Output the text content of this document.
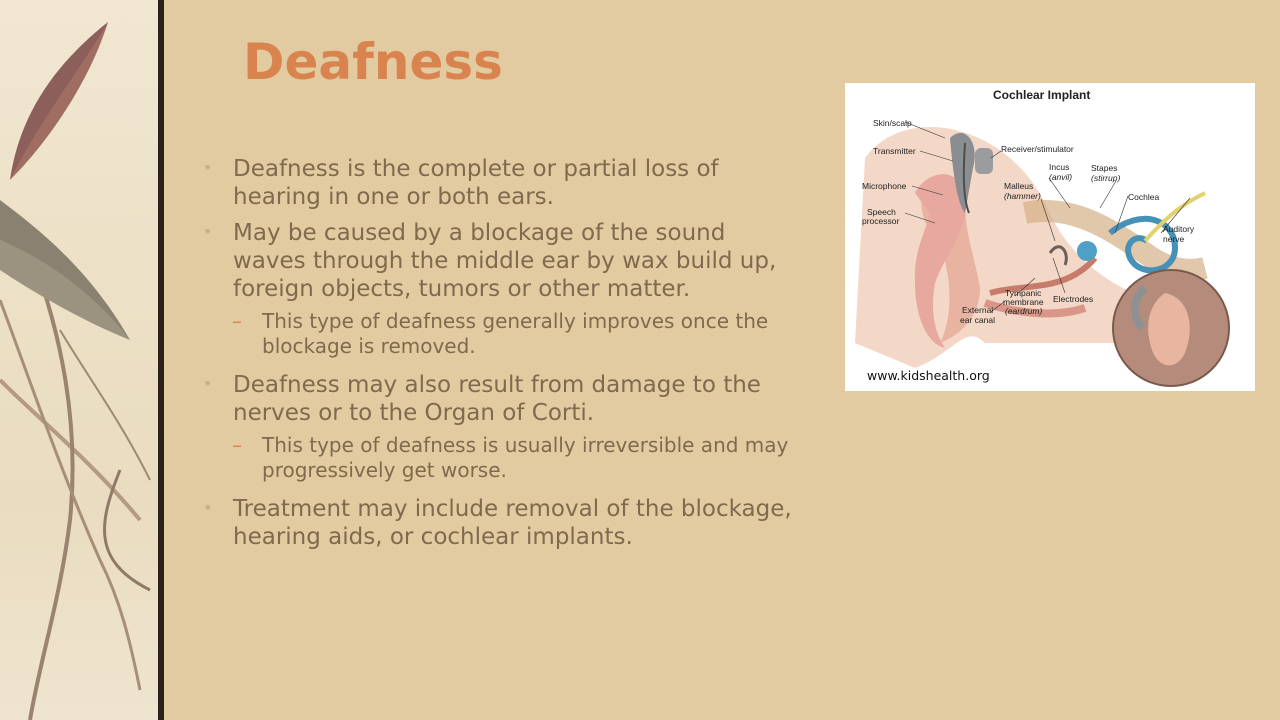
Deafness
• Deafness is the complete or partial loss of hearing in one or both ears.
• May be caused by a blockage of the sound waves through the middle ear by wax build up, foreign objects, tumors or other matter.
– This type of deafness generally improves once the blockage is removed.
• Deafness may also result from damage to the nerves or to the Organ of Corti.
– This type of deafness is usually irreversible and may progressively get worse.
• Treatment may include removal of the blockage, hearing aids, or cochlear implants.
Cochlear Implant
Skin/scalp
Transmitter
Microphone
Speech
processor
Receiver/stimulator
Incus
(anvil)
Stapes
(stirrup)
Malleus
(hammer)	Cochlea
Auditory
nerve
Tympanic
membrane
(eardrum)
External
ear canal
Electrodes
www.kidshealth.org
